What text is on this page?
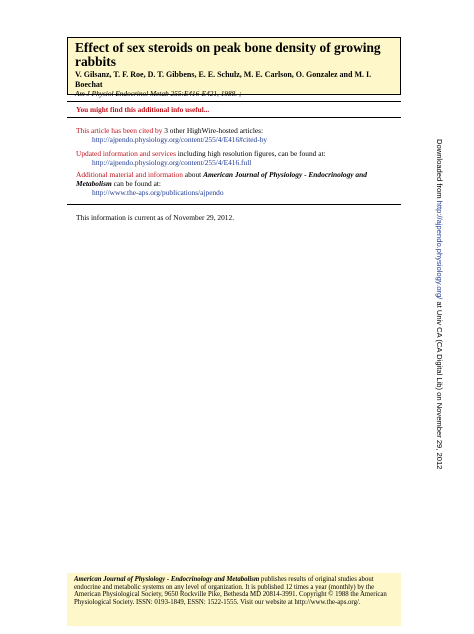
Effect of sex steroids on peak bone density of growing rabbits

V. Gilsanz, T. F. Roe, D. T. Gibbens, E. E. Schulz, M. E. Carlson, O. Gonzalez and M. I. Boechat
Am J Physiol Endocrinol Metab 255:E416-E421, 1988. ;
You might find this additional info useful...
This article has been cited by 3 other HighWire-hosted articles:
http://ajpendo.physiology.org/content/255/4/E416#cited-by
Updated information and services including high resolution figures, can be found at:
http://ajpendo.physiology.org/content/255/4/E416.full
Additional material and information about American Journal of Physiology - Endocrinology and Metabolism can be found at:
http://www.the-aps.org/publications/ajpendo
This information is current as of November 29, 2012.
American Journal of Physiology - Endocrinology and Metabolism publishes results of original studies about endocrine and metabolic systems on any level of organization. It is published 12 times a year (monthly) by the American Physiological Society, 9650 Rockville Pike, Bethesda MD 20814-3991. Copyright © 1988 the American Physiological Society. ISSN: 0193-1849, ESSN: 1522-1555. Visit our website at http://www.the-aps.org/.
Downloaded from http://ajpendo.physiology.org/ at Univ CA (CA Digital Lib) on November 29, 2012
